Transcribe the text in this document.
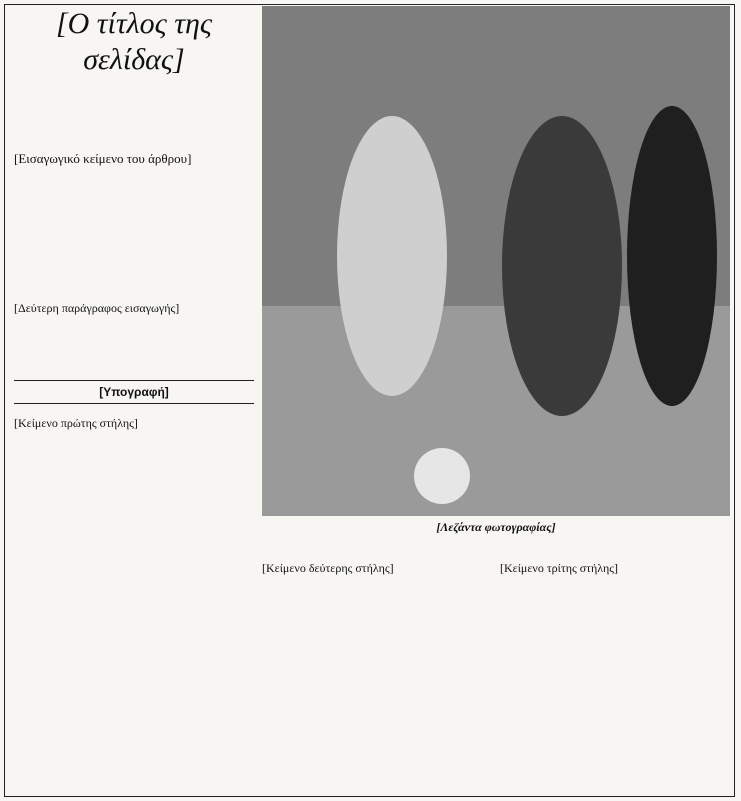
[Ο τίτλος της σελίδας]
[Εισαγωγικό κείμενο του άρθρου]
[Δεύτερη παράγραφος εισαγωγής]
[Υπογραφή]
[Λεζάντα φωτογραφίας]

[Κείμενο πρώτης στήλης]

[Κείμενο δεύτερης στήλης]	[Κείμενο τρίτης στήλης]
